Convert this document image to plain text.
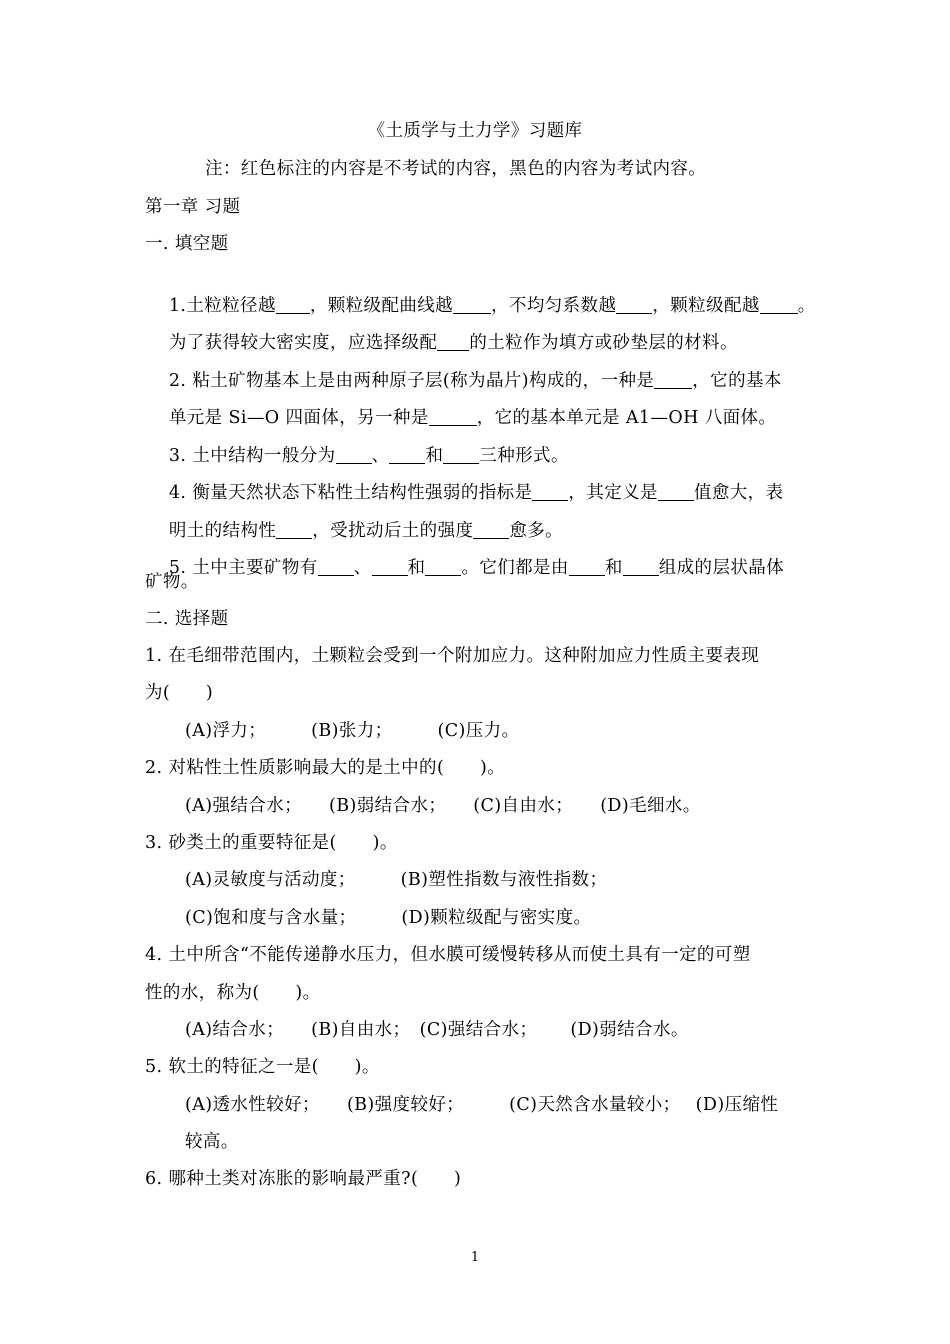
《土质学与土力学》习题库
注：红色标注的内容是不考试的内容，黑色的内容为考试内容。
第一章 习题
一. 填空题

1.土粒粒径越 ，颗粒级配曲线越 ，不均匀系数越 ，颗粒级配越 。

为了获得较大密实度，应选择级配 的土粒作为填方或砂垫层的材料。

2. 粘土矿物基本上是由两种原子层(称为晶片)构成的，一种是 ，它的基本

单元是 Si—O 四面体，另一种是	，它的基本单元是 A1—OH 八面体。

3. 土中结构一般分为 、 和 三种形式。

4. 衡量天然状态下粘性土结构性强弱的指标是 ，其定义是 值愈大，表

明土的结构性 ，受扰动后土的强度 愈多。

5. 土中主要矿物有 、 和 。它们都是由 和 组成的层状晶体

矿物。
二. 选择题
1. 在毛细带范围内，土颗粒会受到一个附加应力。这种附加应力性质主要表现
为(　　)
(A)浮力；　　　(B)张力；　　　(C)压力。
2. 对粘性土性质影响最大的是土中的(　　)。
(A)强结合水；　　(B)弱结合水；　　(C)自由水；　　(D)毛细水。
3. 砂类土的重要特征是(　　)。
(A)灵敏度与活动度；　　　(B)塑性指数与液性指数；
(C)饱和度与含水量；　　　(D)颗粒级配与密实度。
4. 土中所含“不能传递静水压力，但水膜可缓慢转移从而使土具有一定的可塑
性的水，称为(　　)。
(A)结合水；　　(B)自由水；　(C)强结合水；　　 (D)弱结合水。
5. 软土的特征之一是(　　)。
(A)透水性较好；　　(B)强度较好；　　　(C)天然含水量较小；　 (D)压缩性
较高。
6. 哪种土类对冻胀的影响最严重?(　　)
1
